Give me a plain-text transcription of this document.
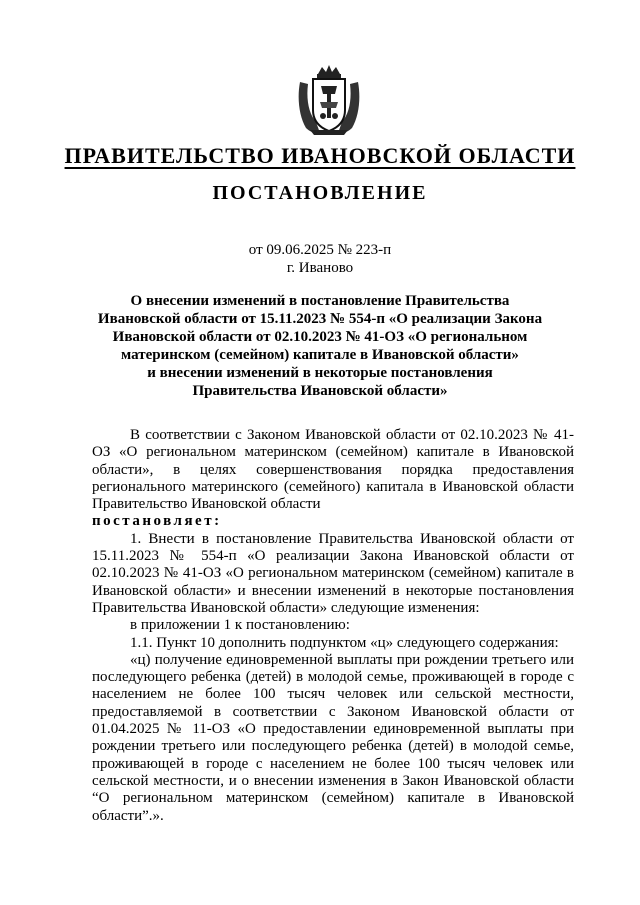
ПРАВИТЕЛЬСТВО ИВАНОВСКОЙ ОБЛАСТИ
ПОСТАНОВЛЕНИЕ
от 09.06.2025 № 223-п
г. Иваново
О внесении изменений в постановление Правительства
Ивановской области от 15.11.2023 № 554-п «О реализации Закона
Ивановской области от 02.10.2023 № 41-ОЗ «О региональном
материнском (семейном) капитале в Ивановской области»
и внесении изменений в некоторые постановления
Правительства Ивановской области»

В соответствии с Законом Ивановской области от 02.10.2023 № 41-ОЗ «О региональном материнском (семейном) капитале в Ивановской области», в целях совершенствования порядка предоставления регионального материнского (семейного) капитала в Ивановской области Правительство Ивановской области

постановляет:

1. Внести в постановление Правительства Ивановской области от 15.11.2023 № 554-п «О реализации Закона Ивановской области от 02.10.2023 № 41-ОЗ «О региональном материнском (семейном) капитале в Ивановской области» и внесении изменений в некоторые постановления Правительства Ивановской области» следующие изменения:

в приложении 1 к постановлению:

1.1. Пункт 10 дополнить подпунктом «ц» следующего содержания:

«ц) получение единовременной выплаты при рождении третьего или последующего ребенка (детей) в молодой семье, проживающей в городе с населением не более 100 тысяч человек или сельской местности, предоставляемой в соответствии с Законом Ивановской области от 01.04.2025 № 11-ОЗ «О предоставлении единовременной выплаты при рождении третьего или последующего ребенка (детей) в молодой семье, проживающей в городе с населением не более 100 тысяч человек или сельской местности, и о внесении изменения в Закон Ивановской области “О региональном материнском (семейном) капитале в Ивановской области”.».
